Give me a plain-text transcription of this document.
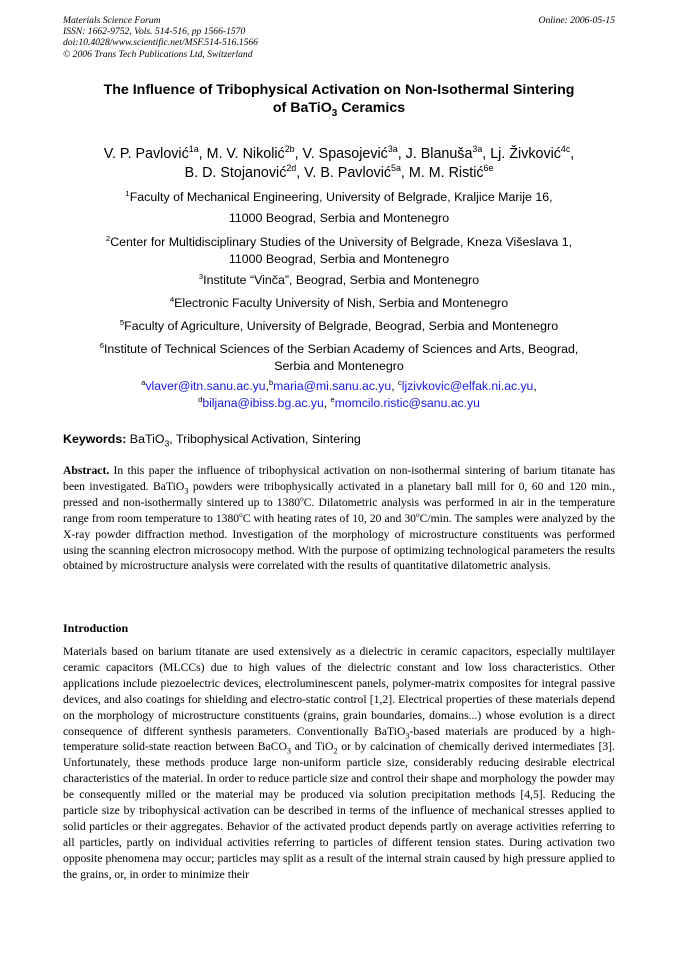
Materials Science Forum
ISSN: 1662-9752, Vols. 514-516, pp 1566-1570
doi:10.4028/www.scientific.net/MSF.514-516.1566
© 2006 Trans Tech Publications Ltd, Switzerland
Online: 2006-05-15
The Influence of Tribophysical Activation on Non-Isothermal Sintering
of BaTiO$_3$ Ceramics
V. P. Pavlović$^{1a}$, M. V. Nikolić$^{2b}$, V. Spasojević$^{3a}$, J. Blanuša$^{3a}$, Lj. Živković$^{4c}$,
B. D. Stojanović$^{2d}$, V. B. Pavlović$^{5a}$, M. M. Ristić$^{6e}$
$^1$Faculty of Mechanical Engineering, University of Belgrade, Kraljice Marije 16,
11000 Beograd, Serbia and Montenegro
$^2$Center for Multidisciplinary Studies of the University of Belgrade, Kneza Višeslava 1,
11000 Beograd, Serbia and Montenegro
$^3$Institute “Vinča”, Beograd, Serbia and Montenegro
$^4$Electronic Faculty University of Nish, Serbia and Montenegro
$^5$Faculty of Agriculture, University of Belgrade, Beograd, Serbia and Montenegro
$^6$Institute of Technical Sciences of the Serbian Academy of Sciences and Arts, Beograd,
Serbia and Montenegro
$^a$vlaver@itn.sanu.ac.yu,$^b$maria@mi.sanu.ac.yu, $^c$ljzivkovic@elfak.ni.ac.yu,
$^d$biljana@ibiss.bg.ac.yu, $^e$momcilo.ristic@sanu.ac.yu
Keywords: BaTiO$_3$, Tribophysical Activation, Sintering
Abstract. In this paper the influence of tribophysical activation on non-isothermal sintering of barium titanate has been investigated. BaTiO$_3$ powders were tribophysically activated in a planetary ball mill for 0, 60 and 120 min., pressed and non-isothermally sintered up to 1380$^o$C. Dilatometric analysis was performed in air in the temperature range from room temperature to 1380$^o$C with heating rates of 10, 20 and 30$^o$C/min. The samples were analyzed by the X-ray powder diffraction method. Investigation of the morphology of microstructure constituents was performed using the scanning electron microsocopy method. With the purpose of optimizing technological parameters the results obtained by microstructure analysis were correlated with the results of quantitative dilatometric analysis.
Introduction
Materials based on barium titanate are used extensively as a dielectric in ceramic capacitors, especially multilayer ceramic capacitors (MLCCs) due to high values of the dielectric constant and low loss characteristics. Other applications include piezoelectric devices, electroluminescent panels, polymer-matrix composites for integral passive devices, and also coatings for shielding and electro-static control [1,2]. Electrical properties of these materials depend on the morphology of microstructure constituents (grains, grain boundaries, domains...) whose evolution is a direct consequence of different synthesis parameters. Conventionally BaTiO$_3$-based materials are produced by a high-temperature solid-state reaction between BaCO$_3$ and TiO$_2$ or by calcination of chemically derived intermediates [3]. Unfortunately, these methods produce large non-uniform particle size, considerably reducing desirable electrical characteristics of the material. In order to reduce particle size and control their shape and morphology the powder may be consequently milled or the material may be produced via solution precipitation methods [4,5]. Reducing the particle size by tribophysical activation can be described in terms of the influence of mechanical stresses applied to solid particles or their aggregates. Behavior of the activated product depends partly on average activities referring to all particles, partly on individual activities referring to particles of different tension states. During activation two opposite phenomena may occur; particles may split as a result of the internal strain caused by high pressure applied to the grains, or, in order to minimize their
